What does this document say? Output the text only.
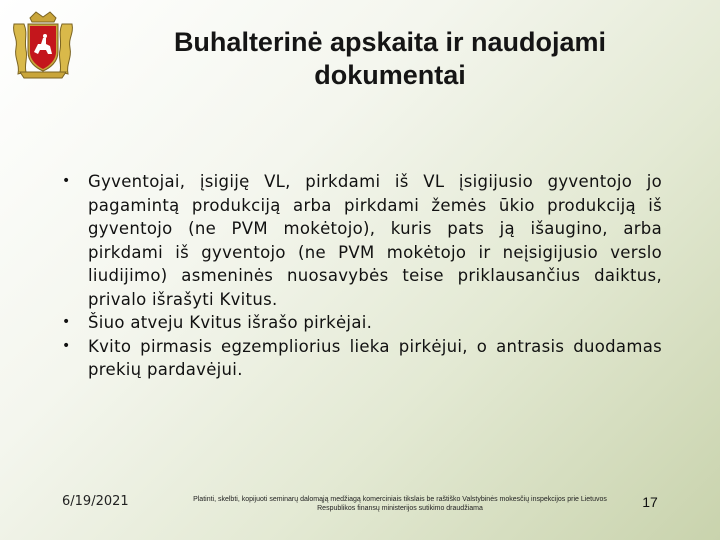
Buhalterinė apskaita ir naudojami
dokumentai
•	Gyventojai, įsigiję VL, pirkdami iš VL įsigijusio gyventojo jo pagamintą produkciją arba pirkdami žemės ūkio produkciją iš gyventojo (ne PVM mokėtojo), kuris pats ją išaugino, arba pirkdami iš gyventojo (ne PVM mokėtojo ir neįsigijusio verslo liudijimo) asmeninės nuosavybės teise priklausančius daiktus, privalo išrašyti Kvitus.
•	Šiuo atveju Kvitus išrašo pirkėjai.
•	Kvito pirmasis egzempliorius lieka pirkėjui, o antrasis duodamas prekių pardavėjui.
6/19/2021	Platinti, skelbti, kopijuoti seminarų dalomąją medžiagą komerciniais tikslais be raštiško Valstybinės mokesčių inspekcijos prie Lietuvos Respublikos finansų ministerijos sutikimo draudžiama	17
